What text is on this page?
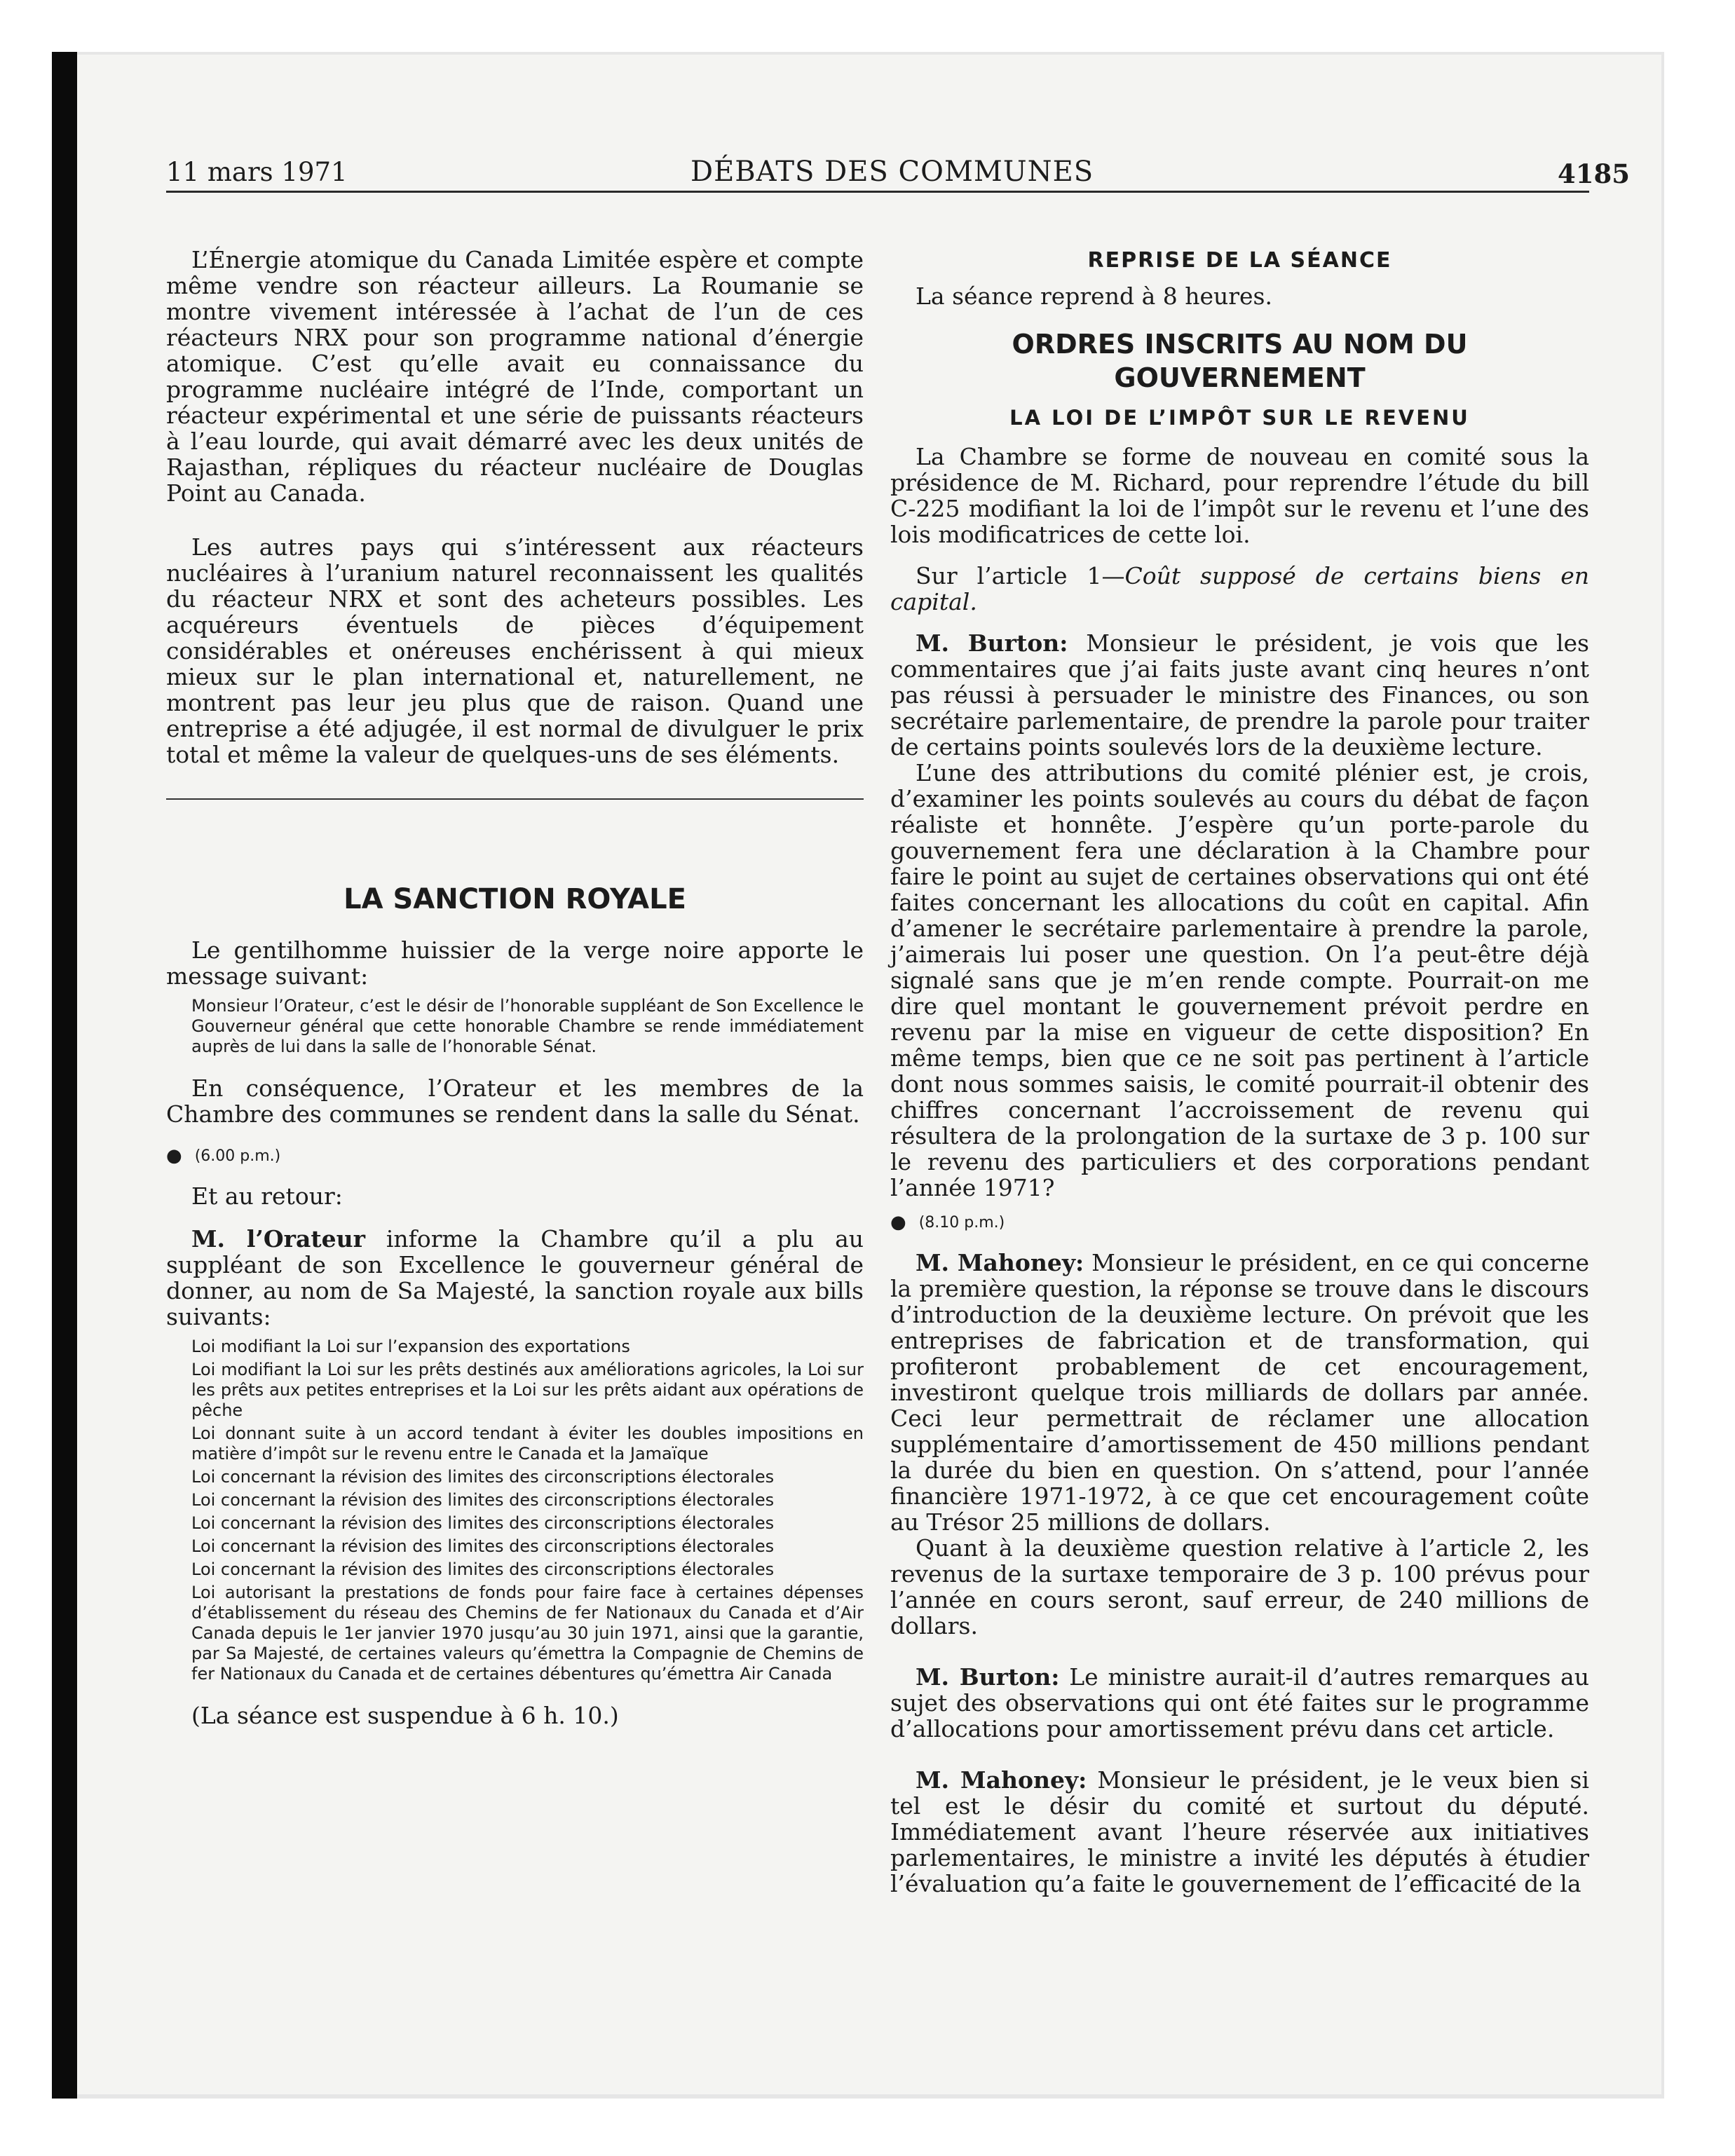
11 mars 1971	DÉBATS DES COMMUNES	4185

L’Énergie atomique du Canada Limitée espère et compte même vendre son réacteur ailleurs. La Roumanie se montre vivement intéressée à l’achat de l’un de ces réacteurs NRX pour son programme national d’énergie atomique. C’est qu’elle avait eu connaissance du programme nucléaire intégré de l’Inde, comportant un réacteur expérimental et une série de puissants réacteurs à l’eau lourde, qui avait démarré avec les deux unités de Rajasthan, répliques du réacteur nucléaire de Douglas Point au Canada.

Les autres pays qui s’intéressent aux réacteurs nucléaires à l’uranium naturel reconnaissent les qualités du réacteur NRX et sont des acheteurs possibles. Les acquéreurs éventuels de pièces d’équipement considérables et onéreuses enchérissent à qui mieux mieux sur le plan international et, naturellement, ne montrent pas leur jeu plus que de raison. Quand une entreprise a été adjugée, il est normal de divulguer le prix total et même la valeur de quelques-uns de ses éléments.

LA SANCTION ROYALE

Le gentilhomme huissier de la verge noire apporte le message suivant:

Monsieur l’Orateur, c’est le désir de l’honorable suppléant de Son Excellence le Gouverneur général que cette honorable Chambre se rende immédiatement auprès de lui dans la salle de l’honorable Sénat.

En conséquence, l’Orateur et les membres de la Chambre des communes se rendent dans la salle du Sénat.

● (6.00 p.m.)

Et au retour:

M. l’Orateur informe la Chambre qu’il a plu au suppléant de son Excellence le gouverneur général de donner, au nom de Sa Majesté, la sanction royale aux bills suivants:

Loi modifiant la Loi sur l’expansion des exportations

Loi modifiant la Loi sur les prêts destinés aux améliorations agricoles, la Loi sur les prêts aux petites entreprises et la Loi sur les prêts aidant aux opérations de pêche

Loi donnant suite à un accord tendant à éviter les doubles impositions en matière d’impôt sur le revenu entre le Canada et la Jamaïque

Loi concernant la révision des limites des circonscriptions électorales

Loi concernant la révision des limites des circonscriptions électorales

Loi concernant la révision des limites des circonscriptions électorales

Loi concernant la révision des limites des circonscriptions électorales

Loi concernant la révision des limites des circonscriptions électorales

Loi autorisant la prestations de fonds pour faire face à certaines dépenses d’établissement du réseau des Chemins de fer Nationaux du Canada et d’Air Canada depuis le 1er janvier 1970 jusqu’au 30 juin 1971, ainsi que la garantie, par Sa Majesté, de certaines valeurs qu’émettra la Compagnie de Chemins de fer Nationaux du Canada et de certaines débentures qu’émettra Air Canada

(La séance est suspendue à 6 h. 10.)

REPRISE DE LA SÉANCE

La séance reprend à 8 heures.

ORDRES INSCRITS AU NOM DU GOUVERNEMENT
LA LOI DE L’IMPÔT SUR LE REVENU

La Chambre se forme de nouveau en comité sous la présidence de M. Richard, pour reprendre l’étude du bill C-225 modifiant la loi de l’impôt sur le revenu et l’une des lois modificatrices de cette loi.

Sur l’article 1—Coût supposé de certains biens en capital.

M. Burton: Monsieur le président, je vois que les commentaires que j’ai faits juste avant cinq heures n’ont pas réussi à persuader le ministre des Finances, ou son secrétaire parlementaire, de prendre la parole pour traiter de certains points soulevés lors de la deuxième lecture.

L’une des attributions du comité plénier est, je crois, d’examiner les points soulevés au cours du débat de façon réaliste et honnête. J’espère qu’un porte-parole du gouvernement fera une déclaration à la Chambre pour faire le point au sujet de certaines observations qui ont été faites concernant les allocations du coût en capital. Afin d’amener le secrétaire parlementaire à prendre la parole, j’aimerais lui poser une question. On l’a peut-être déjà signalé sans que je m’en rende compte. Pourrait-on me dire quel montant le gouvernement prévoit perdre en revenu par la mise en vigueur de cette disposition? En même temps, bien que ce ne soit pas pertinent à l’article dont nous sommes saisis, le comité pourrait-il obtenir des chiffres concernant l’accroissement de revenu qui résultera de la prolongation de la surtaxe de 3 p. 100 sur le revenu des particuliers et des corporations pendant l’année 1971?

● (8.10 p.m.)

M. Mahoney: Monsieur le président, en ce qui concerne la première question, la réponse se trouve dans le discours d’introduction de la deuxième lecture. On prévoit que les entreprises de fabrication et de transformation, qui profiteront probablement de cet encouragement, investiront quelque trois milliards de dollars par année. Ceci leur permettrait de réclamer une allocation supplémentaire d’amortissement de 450 millions pendant la durée du bien en question. On s’attend, pour l’année financière 1971-1972, à ce que cet encouragement coûte au Trésor 25 millions de dollars.

Quant à la deuxième question relative à l’article 2, les revenus de la surtaxe temporaire de 3 p. 100 prévus pour l’année en cours seront, sauf erreur, de 240 millions de dollars.

M. Burton: Le ministre aurait-il d’autres remarques au sujet des observations qui ont été faites sur le programme d’allocations pour amortissement prévu dans cet article.

M. Mahoney: Monsieur le président, je le veux bien si tel est le désir du comité et surtout du député. Immédiatement avant l’heure réservée aux initiatives parlementaires, le ministre a invité les députés à étudier l’évaluation qu’a faite le gouvernement de l’efficacité de la
